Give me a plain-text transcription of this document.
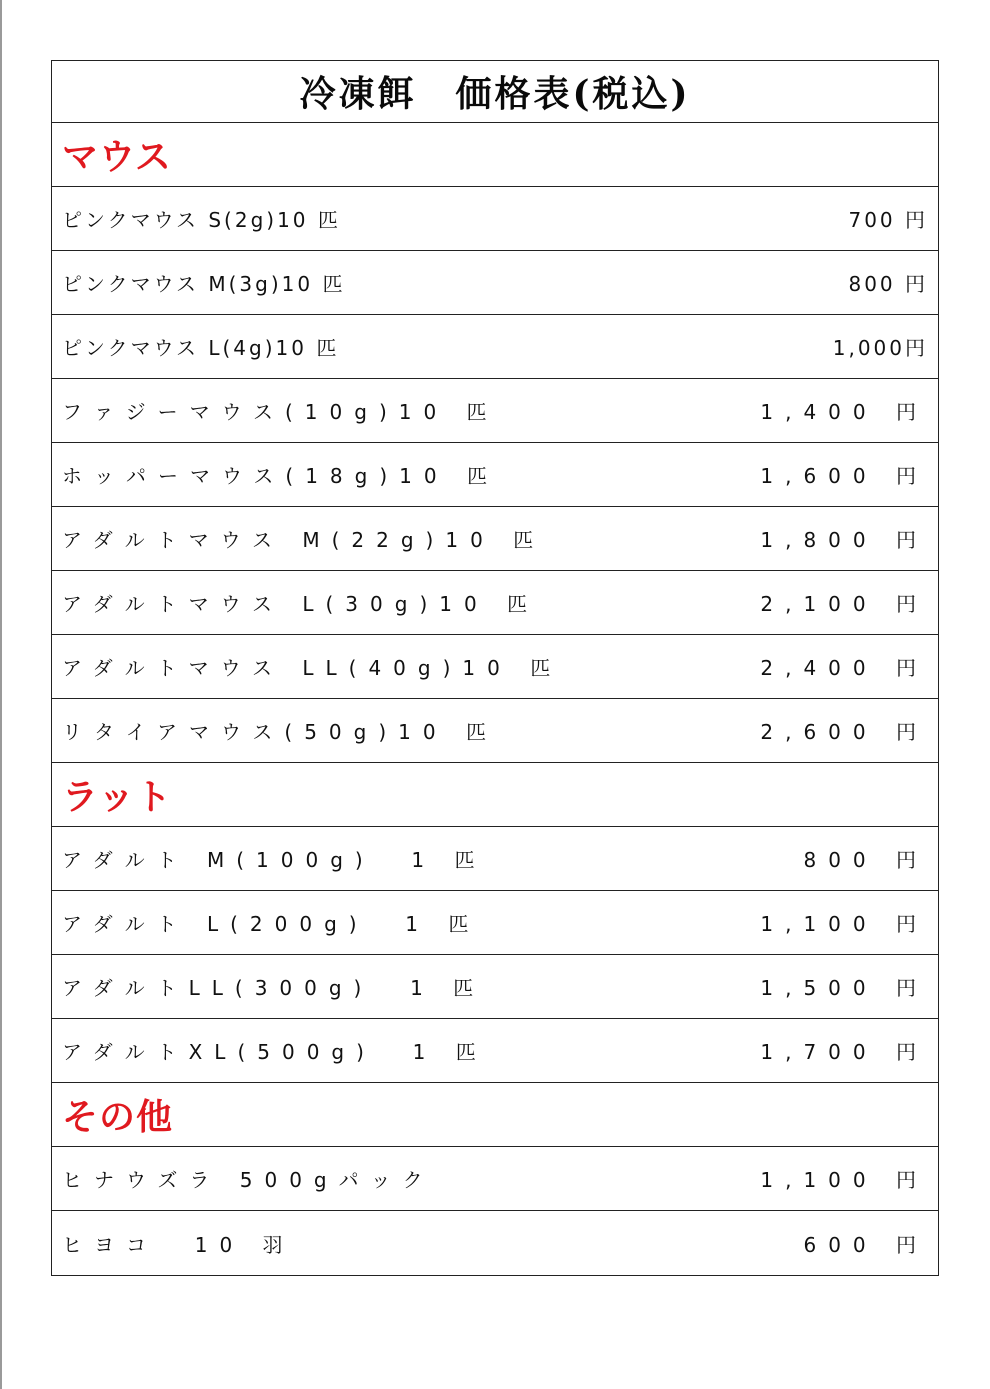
冷凍餌　価格表(税込)
マウス
ピンクマウス S(2g)10 匹	700 円
ピンクマウス M(3g)10 匹	800 円
ピンクマウス L(4g)10 匹	1,000円
ファジーマウス(10g)10 匹	1,400 円
ホッパーマウス(18g)10 匹	1,600 円
アダルトマウス M(22g)10 匹	1,800 円
アダルトマウス L(30g)10 匹	2,100 円
アダルトマウス LL(40g)10 匹	2,400 円
リタイアマウス(50g)10 匹	2,600 円
ラット
アダルト M(100g)  1 匹	800 円
アダルト L(200g)  1 匹	1,100 円
アダルトLL(300g)  1 匹	1,500 円
アダルトXL(500g)  1 匹	1,700 円
その他
ヒナウズラ 500gパック	1,100 円
ヒヨコ  10 羽	600 円
